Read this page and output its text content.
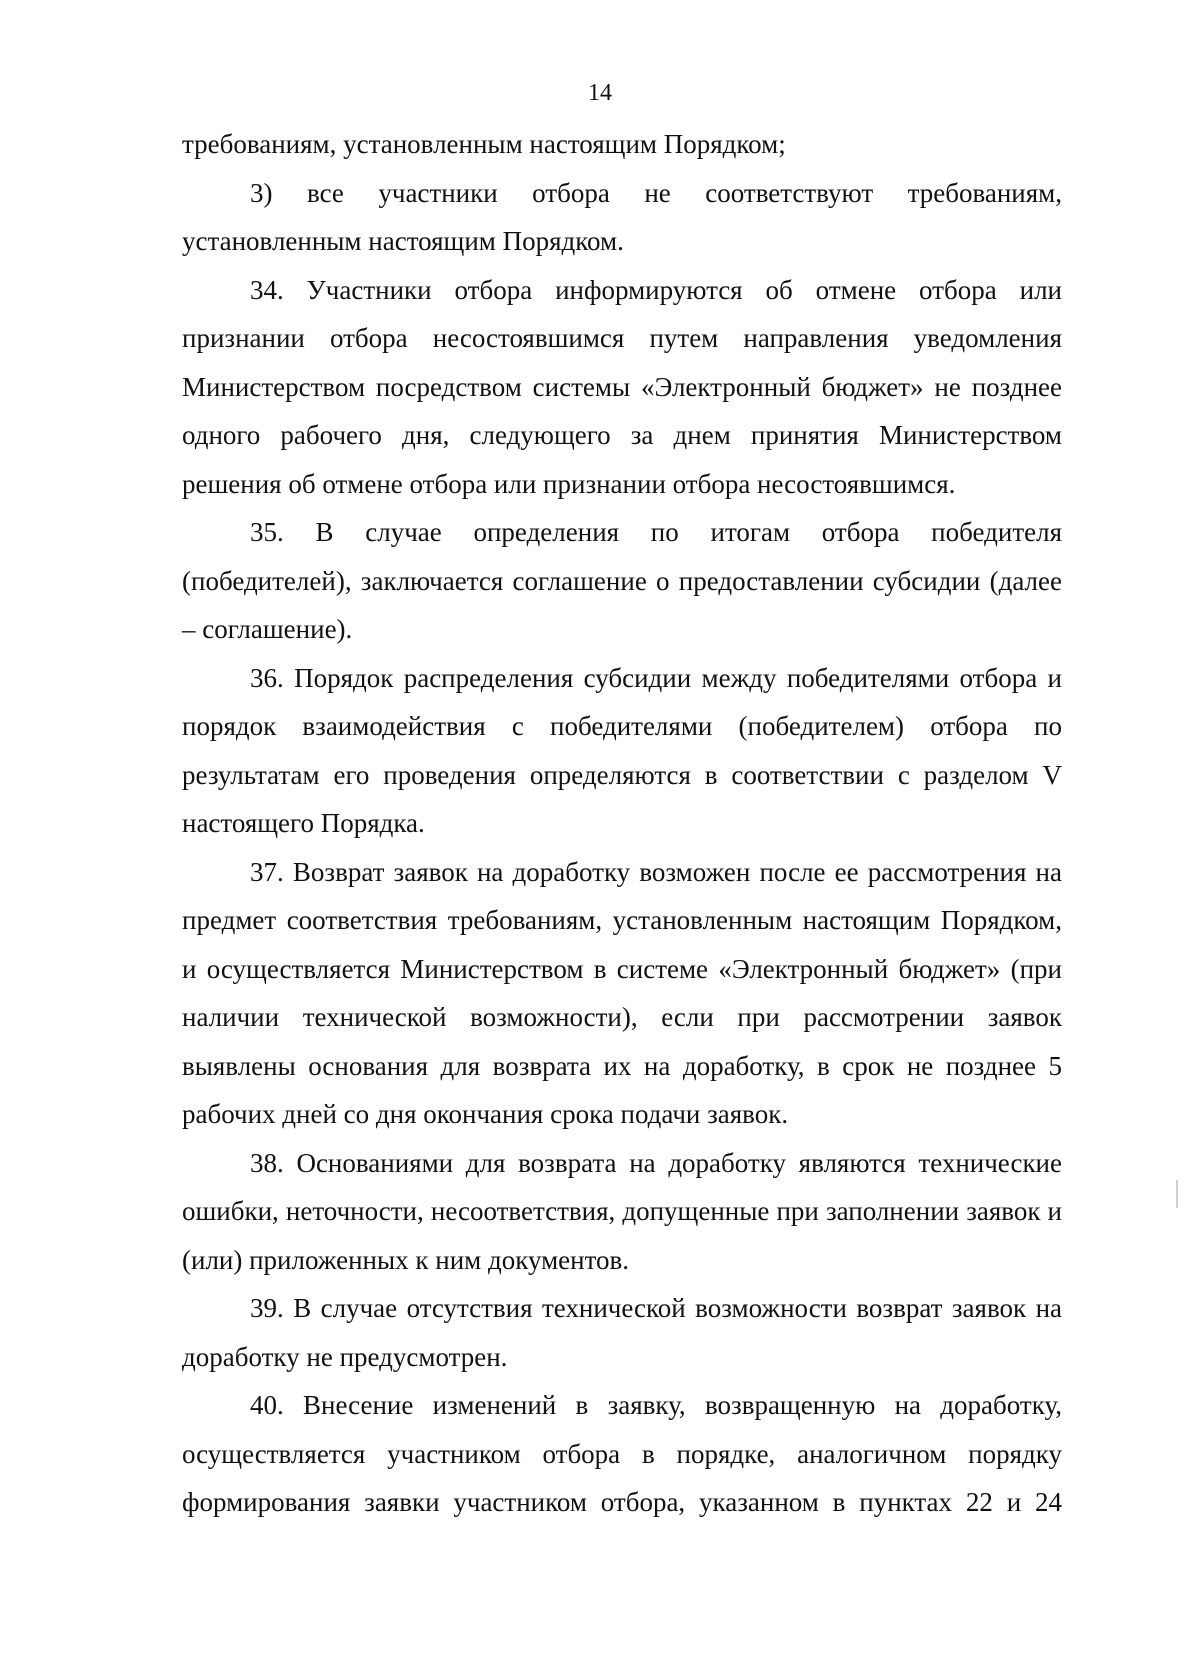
14

требованиям, установленным настоящим Порядком;

3) все участники отбора не соответствуют требованиям, установленным настоящим Порядком.

34. Участники отбора информируются об отмене отбора или признании отбора несостоявшимся путем направления уведомления Министерством посредством системы «Электронный бюджет» не позднее одного рабочего дня, следующего за днем принятия Министерством решения об отмене отбора или признании отбора несостоявшимся.

35. В случае определения по итогам отбора победителя (победителей), заключается соглашение о предоставлении субсидии (далее – соглашение).

36. Порядок распределения субсидии между победителями отбора и порядок взаимодействия с победителями (победителем) отбора по результатам его проведения определяются в соответствии с разделом V настоящего Порядка.

37. Возврат заявок на доработку возможен после ее рассмотрения на предмет соответствия требованиям, установленным настоящим Порядком, и осуществляется Министерством в системе «Электронный бюджет» (при наличии технической возможности), если при рассмотрении заявок выявлены основания для возврата их на доработку, в срок не позднее 5 рабочих дней со дня окончания срока подачи заявок.

38. Основаниями для возврата на доработку являются технические ошибки, неточности, несоответствия, допущенные при заполнении заявок и (или) приложенных к ним документов.

39. В случае отсутствия технической возможности возврат заявок на доработку не предусмотрен.

40. Внесение изменений в заявку, возвращенную на доработку, осуществляется участником отбора в порядке, аналогичном порядку формирования заявки участником отбора, указанном в пунктах 22 и 24
